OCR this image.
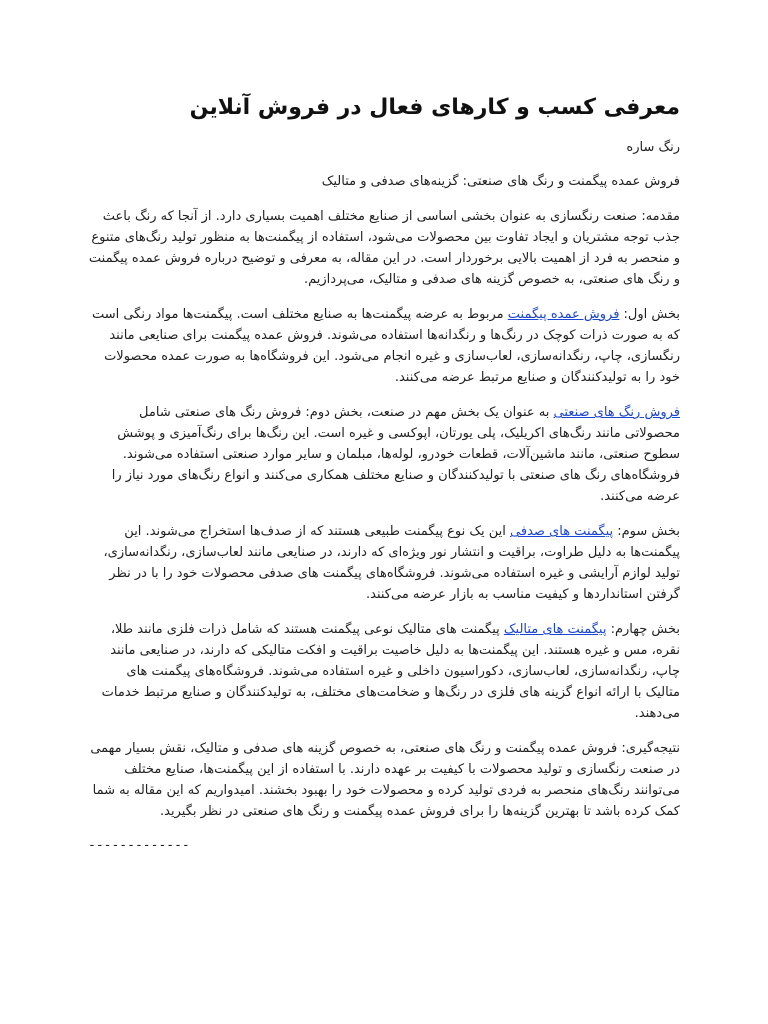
معرفی کسب و کارهای فعال در فروش آنلاین

رنگ ساره

فروش عمده پیگمنت و رنگ های صنعتی: گزینه‌های صدفی و متالیک

مقدمه: صنعت رنگسازی به عنوان بخشی اساسی از صنایع مختلف اهمیت بسیاری دارد. از آنجا که رنگ باعث جذب توجه مشتریان و ایجاد تفاوت بین محصولات می‌شود، استفاده از پیگمنت‌ها به منظور تولید رنگ‌های متنوع و منحصر به فرد از اهمیت بالایی برخوردار است. در این مقاله، به معرفی و توضیح درباره فروش عمده پیگمنت و رنگ های صنعتی، به خصوص گزینه های صدفی و متالیک، می‌پردازیم.

بخش اول: فروش عمده پیگمنت مربوط به عرضه پیگمنت‌ها به صنایع مختلف است. پیگمنت‌ها مواد رنگی است که به صورت ذرات کوچک در رنگ‌ها و رنگدانه‌ها استفاده می‌شوند. فروش عمده پیگمنت برای صنایعی مانند رنگسازی، چاپ، رنگدانه‌سازی، لعاب‌سازی و غیره انجام می‌شود. این فروشگاه‌ها به صورت عمده محصولات خود را به تولیدکنندگان و صنایع مرتبط عرضه می‌کنند.

فروش رنگ های صنعتی به عنوان یک بخش مهم در صنعت، بخش دوم: فروش رنگ های صنعتی شامل محصولاتی مانند رنگ‌های اکریلیک، پلی یورتان، اپوکسی و غیره است. این رنگ‌ها برای رنگ‌آمیزی و پوشش سطوح صنعتی، مانند ماشین‌آلات، قطعات خودرو، لوله‌ها، مبلمان و سایر موارد صنعتی استفاده می‌شوند. فروشگاه‌های رنگ های صنعتی با تولیدکنندگان و صنایع مختلف همکاری می‌کنند و انواع رنگ‌های مورد نیاز را عرضه می‌کنند.

بخش سوم: پیگمنت های صدفی این یک نوع پیگمنت طبیعی هستند که از صدف‌ها استخراج می‌شوند. این پیگمنت‌ها به دلیل طراوت، براقیت و انتشار نور ویژه‌ای که دارند، در صنایعی مانند لعاب‌سازی، رنگدانه‌سازی، تولید لوازم آرایشی و غیره استفاده می‌شوند. فروشگاه‌های پیگمنت های صدفی محصولات خود را با در نظر گرفتن استانداردها و کیفیت مناسب به بازار عرضه می‌کنند.

بخش چهارم: پیگمنت های متالیک پیگمنت های متالیک نوعی پیگمنت هستند که شامل ذرات فلزی مانند طلا، نقره، مس و غیره هستند. این پیگمنت‌ها به دلیل خاصیت براقیت و افکت متالیکی که دارند، در صنایعی مانند چاپ، رنگدانه‌سازی، لعاب‌سازی، دکوراسیون داخلی و غیره استفاده می‌شوند. فروشگاه‌های پیگمنت های متالیک با ارائه انواع گزینه های فلزی در رنگ‌ها و ضخامت‌های مختلف، به تولیدکنندگان و صنایع مرتبط خدمات می‌دهند.

نتیجه‌گیری: فروش عمده پیگمنت و رنگ های صنعتی، به خصوص گزینه های صدفی و متالیک، نقش بسیار مهمی در صنعت رنگسازی و تولید محصولات با کیفیت بر عهده دارند. با استفاده از این پیگمنت‌ها، صنایع مختلف می‌توانند رنگ‌های منحصر به فردی تولید کرده و محصولات خود را بهبود بخشند. امیدواریم که این مقاله به شما کمک کرده باشد تا بهترین گزینه‌ها را برای فروش عمده پیگمنت و رنگ های صنعتی در نظر بگیرید.

-------------
